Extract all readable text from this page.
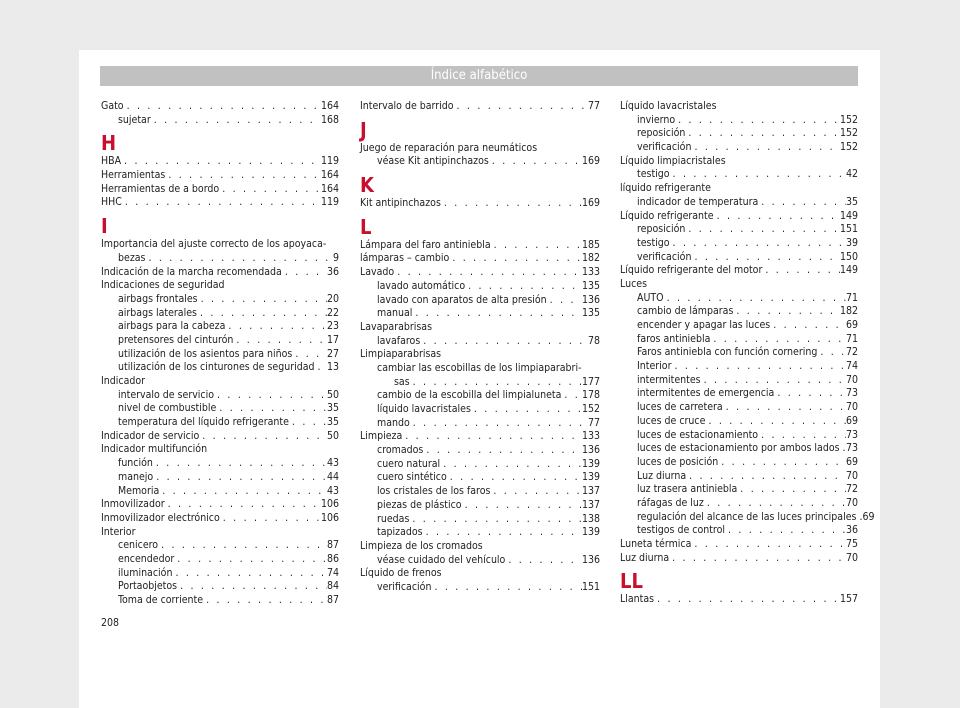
Índice alfabético
Gato . . .	164
sujetar . . .	168
H
HBA . . .	119
Herramientas . . .	164
Herramientas de a bordo . . .	164
HHC . . .	119
I
Importancia del ajuste correcto de los apoyaca-
bezas . . .	9
Indicación de la marcha recomendada . . .	36
Indicaciones de seguridad
airbags frontales . . .	20
airbags laterales . . .	22
airbags para la cabeza . . .	23
pretensores del cinturón . . .	17
utilización de los asientos para niños . . .	27
utilización de los cinturones de seguridad . . . 13
Indicador
intervalo de servicio . . .	50
nivel de combustible . . .	35
temperatura del líquido refrigerante . . .	35
Indicador de servicio . . .	50
Indicador multifunción
función . . .	43
manejo . . .	44
Memoria . . .	43
Inmovilizador . . .	106
Inmovilizador electrónico . . .	106
Interior
cenicero . . .	87
encendedor . . .	86
iluminación . . .	74
Portaobjetos . . .	84
Toma de corriente . . .	87
Intervalo de barrido . . .	77
J
Juego de reparación para neumáticos
véase Kit antipinchazos . . .	169
K
Kit antipinchazos . . .	169
L
Lámpara del faro antiniebla . . .	185
lámparas – cambio . . .	182
Lavado . . .	133
lavado automático . . .	135
lavado con aparatos de alta presión . . .	136
manual . . .	135
Lavaparabrisas
lavafaros . . .	78
Limpiaparabrisas
cambiar las escobillas de los limpiaparabri-
sas . . .	177
cambio de la escobilla del limpialuneta . . . 178
líquido lavacristales . . .	152
mando . . .	77
Limpieza . . .	133
cromados . . .	136
cuero natural . . .	139
cuero sintético . . .	139
los cristales de los faros . . .	137
piezas de plástico . . .	137
ruedas . . .	138
tapizados . . .	139
Limpieza de los cromados
véase cuidado del vehículo . . .	136
Líquido de frenos
verificación . . .	151
Líquido lavacristales
invierno . . .	152
reposición . . .	152
verificación . . .	152
Líquido limpiacristales
testigo . . .	42
líquido refrigerante
indicador de temperatura . . .	35
Líquido refrigerante . . .	149
reposición . . .	151
testigo . . .	39
verificación . . .	150
Líquido refrigerante del motor . . .	149
Luces
AUTO . . .	71
cambio de lámparas . . .	182
encender y apagar las luces . . .	69
faros antiniebla . . .	71
Faros antiniebla con función cornering . . .	72
Interior . . .	74
intermitentes . . .	70
intermitentes de emergencia . . .	73
luces de carretera . . .	70
luces de cruce . . .	69
luces de estacionamiento . . .	73
luces de estacionamiento por ambos lados . . . 73
luces de posición . . .	69
Luz diurna . . .	70
luz trasera antiniebla . . .	72
ráfagas de luz . . .	70
regulación del alcance de las luces principales . . . 69
testigos de control . . .	36
Luneta térmica . . .	75
Luz diurna . . .	70
LL
Llantas . . .	157
208
